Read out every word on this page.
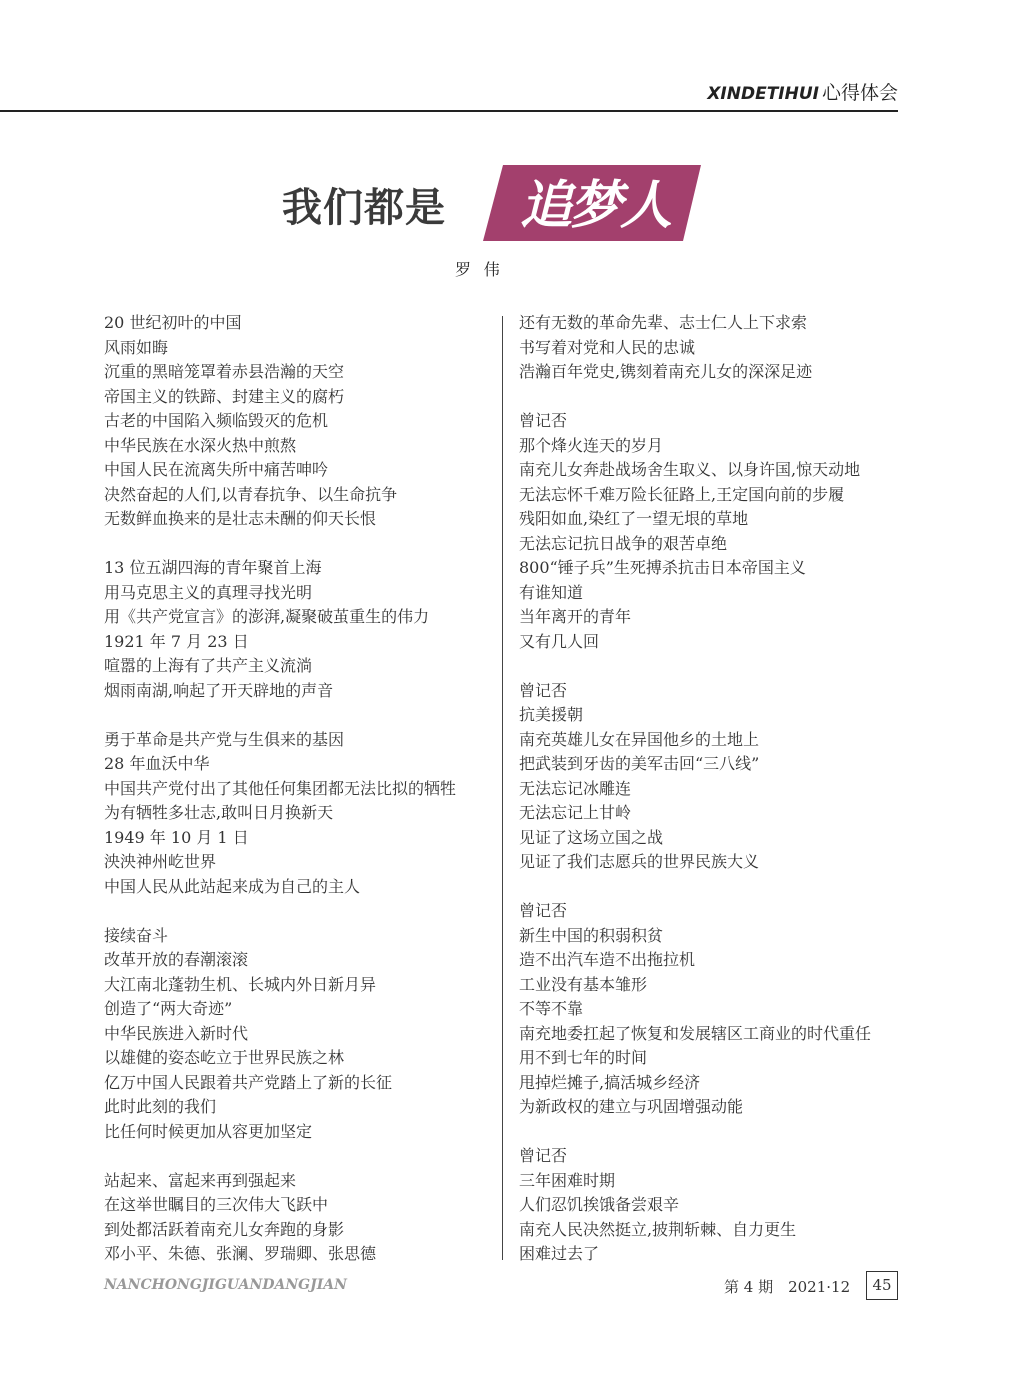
XINDETIHUI 心得体会
我们都是 追梦人
罗伟

20 世纪初叶的中国

风雨如晦

沉重的黑暗笼罩着赤县浩瀚的天空

帝国主义的铁蹄、封建主义的腐朽

古老的中国陷入频临毁灭的危机

中华民族在水深火热中煎熬

中国人民在流离失所中痛苦呻吟

决然奋起的人们,以青春抗争、以生命抗争

无数鲜血换来的是壮志未酬的仰天长恨

13 位五湖四海的青年聚首上海

用马克思主义的真理寻找光明

用《共产党宣言》的澎湃,凝聚破茧重生的伟力

1921 年 7 月 23 日

喧嚣的上海有了共产主义流淌

烟雨南湖,响起了开天辟地的声音

勇于革命是共产党与生俱来的基因

28 年血沃中华

中国共产党付出了其他任何集团都无法比拟的牺牲

为有牺牲多壮志,敢叫日月换新天

1949 年 10 月 1 日

泱泱神州屹世界

中国人民从此站起来成为自己的主人

接续奋斗

改革开放的春潮滚滚

大江南北蓬勃生机、长城内外日新月异

创造了“两大奇迹”

中华民族进入新时代

以雄健的姿态屹立于世界民族之林

亿万中国人民跟着共产党踏上了新的长征

此时此刻的我们

比任何时候更加从容更加坚定

站起来、富起来再到强起来

在这举世瞩目的三次伟大飞跃中

到处都活跃着南充儿女奔跑的身影

邓小平、朱德、张澜、罗瑞卿、张思德

还有无数的革命先辈、志士仁人上下求索

书写着对党和人民的忠诚

浩瀚百年党史,镌刻着南充儿女的深深足迹

曾记否

那个烽火连天的岁月

南充儿女奔赴战场舍生取义、以身许国,惊天动地

无法忘怀千难万险长征路上,王定国向前的步履

残阳如血,染红了一望无垠的草地

无法忘记抗日战争的艰苦卓绝

800“锤子兵”生死搏杀抗击日本帝国主义

有谁知道

当年离开的青年

又有几人回

曾记否

抗美援朝

南充英雄儿女在异国他乡的土地上

把武装到牙齿的美军击回“三八线”

无法忘记冰雕连

无法忘记上甘岭

见证了这场立国之战

见证了我们志愿兵的世界民族大义

曾记否

新生中国的积弱积贫

造不出汽车造不出拖拉机

工业没有基本雏形

不等不靠

南充地委扛起了恢复和发展辖区工商业的时代重任

用不到七年的时间

甩掉烂摊子,搞活城乡经济

为新政权的建立与巩固增强动能

曾记否

三年困难时期

人们忍饥挨饿备尝艰辛

南充人民决然挺立,披荆斩棘、自力更生

困难过去了

NANCHONGJIGUANDANGJIAN	第 4 期　2021·12	45
